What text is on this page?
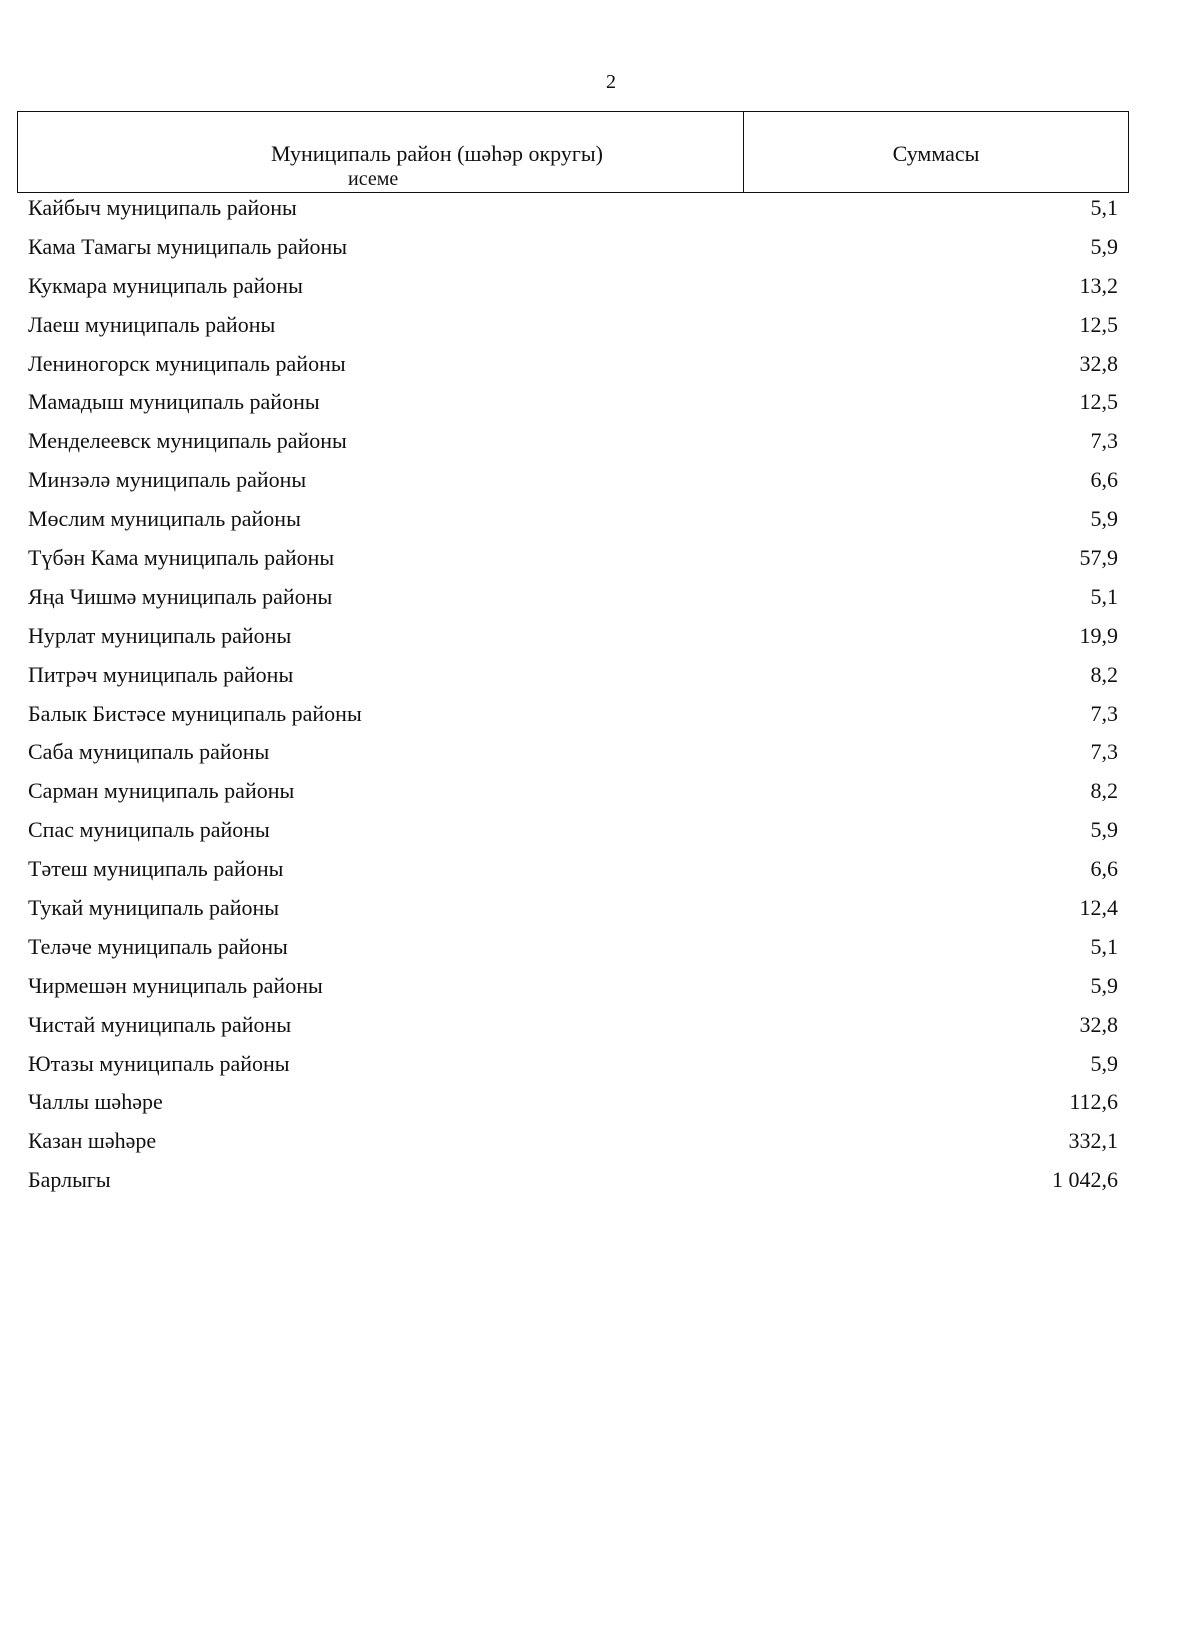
2
Муниципаль район (шәһәр округы)
исеме
Суммасы
Кайбыч муниципаль районы	5,1
Кама Тамагы муниципаль районы	5,9
Кукмара муниципаль районы	13,2
Лаеш муниципаль районы	12,5
Лениногорск муниципаль районы	32,8
Мамадыш муниципаль районы	12,5
Менделеевск муниципаль районы	7,3
Минзәлә муниципаль районы	6,6
Мөслим муниципаль районы	5,9
Түбән Кама муниципаль районы	57,9
Яңа Чишмә муниципаль районы	5,1
Нурлат муниципаль районы	19,9
Питрәч муниципаль районы	8,2
Балык Бистәсе муниципаль районы	7,3
Саба муниципаль районы	7,3
Сарман муниципаль районы	8,2
Спас муниципаль районы	5,9
Тәтеш муниципаль районы	6,6
Тукай муниципаль районы	12,4
Теләче муниципаль районы	5,1
Чирмешән муниципаль районы	5,9
Чистай муниципаль районы	32,8
Ютазы муниципаль районы	5,9
Чаллы шәһәре	112,6
Казан шәһәре	332,1
Барлыгы	1 042,6
